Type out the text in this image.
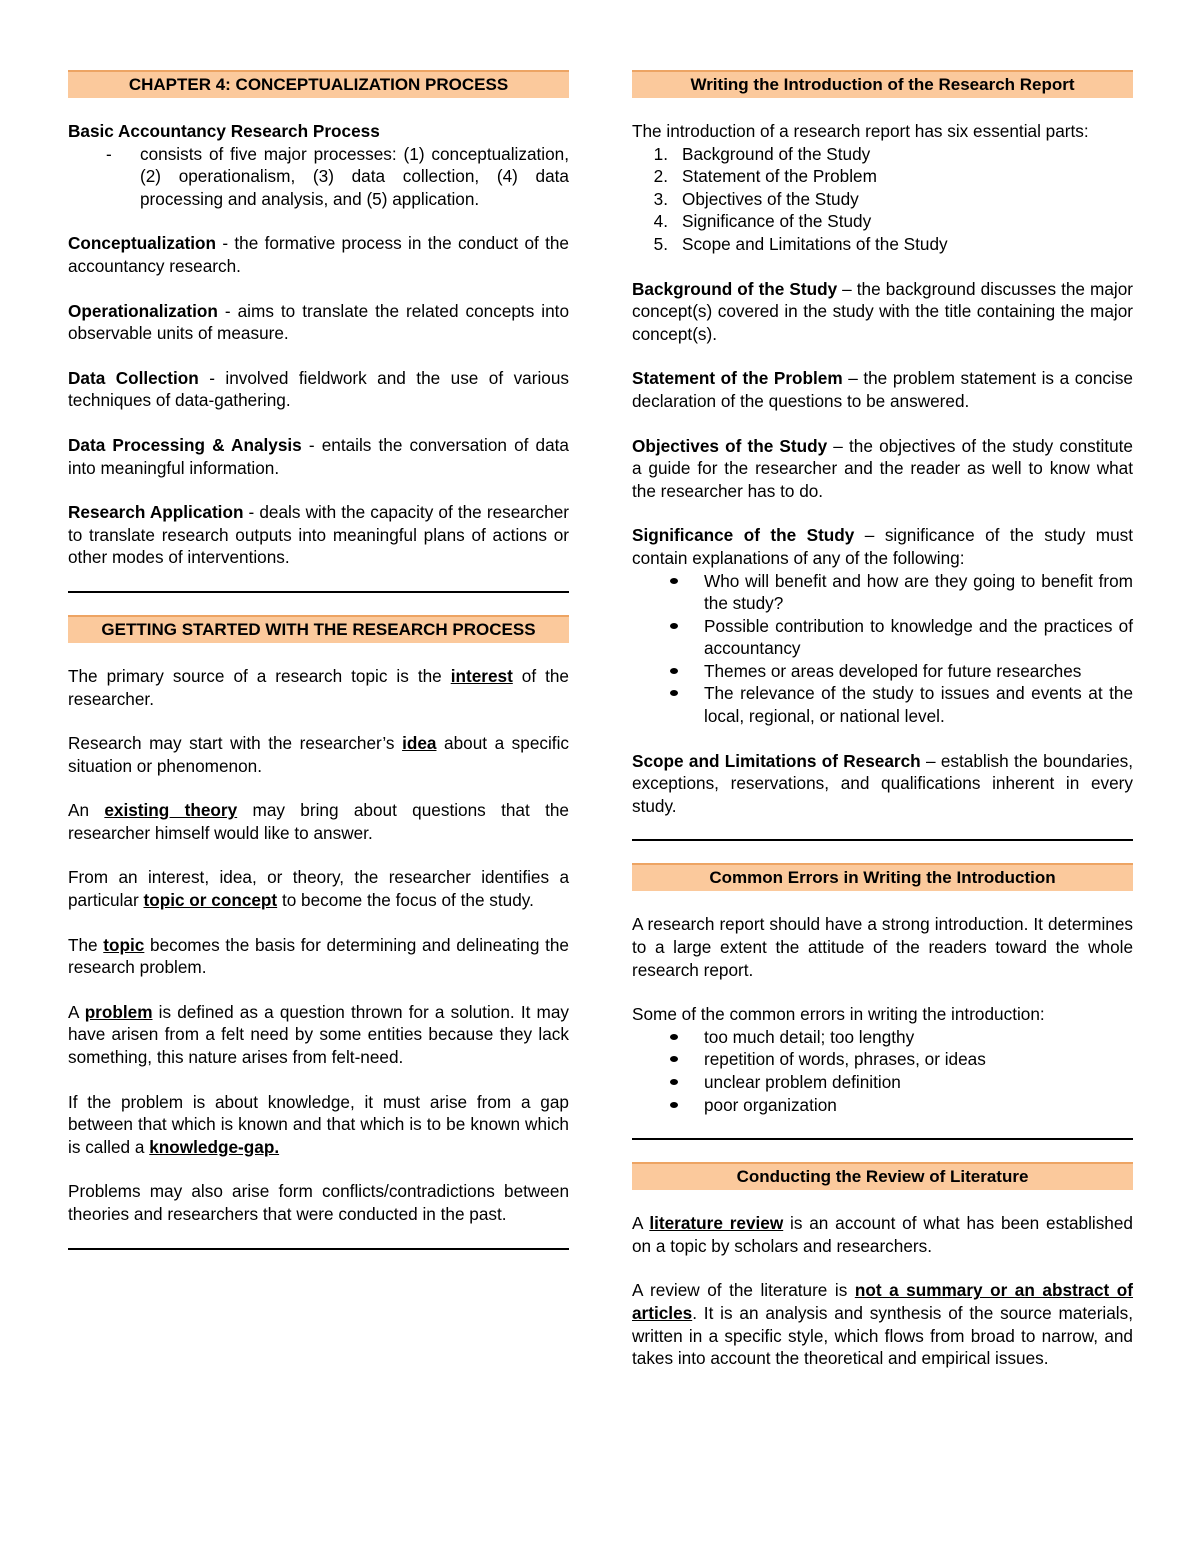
CHAPTER 4: CONCEPTUALIZATION PROCESS

Basic Accountancy Research Process

-	consists of five major processes: (1) conceptualization, (2) operationalism, (3) data collection, (4) data processing and analysis, and (5) application.

Conceptualization - the formative process in the conduct of the accountancy research.

Operationalization - aims to translate the related concepts into observable units of measure.

Data Collection - involved fieldwork and the use of various techniques of data-gathering.

Data Processing & Analysis - entails the conversation of data into meaningful information.

Research Application - deals with the capacity of the researcher to translate research outputs into meaningful plans of actions or other modes of interventions.

GETTING STARTED WITH THE RESEARCH PROCESS

The primary source of a research topic is the interest of the researcher.

Research may start with the researcher’s idea about a specific situation or phenomenon.

An existing theory may bring about questions that the researcher himself would like to answer.

From an interest, idea, or theory, the researcher identifies a particular topic or concept to become the focus of the study.

The topic becomes the basis for determining and delineating the research problem.

A problem is defined as a question thrown for a solution. It may have arisen from a felt need by some entities because they lack something, this nature arises from felt-need.

If the problem is about knowledge, it must arise from a gap between that which is known and that which is to be known which is called a knowledge-gap.

Problems may also arise form conflicts/contradictions between theories and researchers that were conducted in the past.

Writing the Introduction of the Research Report

The introduction of a research report has six essential parts:

1. Background of the Study
2. Statement of the Problem
3. Objectives of the Study
4. Significance of the Study
5. Scope and Limitations of the Study

Background of the Study – the background discusses the major concept(s) covered in the study with the title containing the major concept(s).

Statement of the Problem – the problem statement is a concise declaration of the questions to be answered.

Objectives of the Study – the objectives of the study constitute a guide for the researcher and the reader as well to know what the researcher has to do.

Significance of the Study – significance of the study must contain explanations of any of the following:

Who will benefit and how are they going to benefit from the study?
Possible contribution to knowledge and the practices of accountancy
Themes or areas developed for future researches
The relevance of the study to issues and events at the local, regional, or national level.

Scope and Limitations of Research – establish the boundaries, exceptions, reservations, and qualifications inherent in every study.

Common Errors in Writing the Introduction

A research report should have a strong introduction. It determines to a large extent the attitude of the readers toward the whole research report.

Some of the common errors in writing the introduction:

too much detail; too lengthy
repetition of words, phrases, or ideas
unclear problem definition
poor organization
Conducting the Review of Literature

A literature review is an account of what has been established on a topic by scholars and researchers.

A review of the literature is not a summary or an abstract of articles. It is an analysis and synthesis of the source materials, written in a specific style, which flows from broad to narrow, and takes into account the theoretical and empirical issues.
